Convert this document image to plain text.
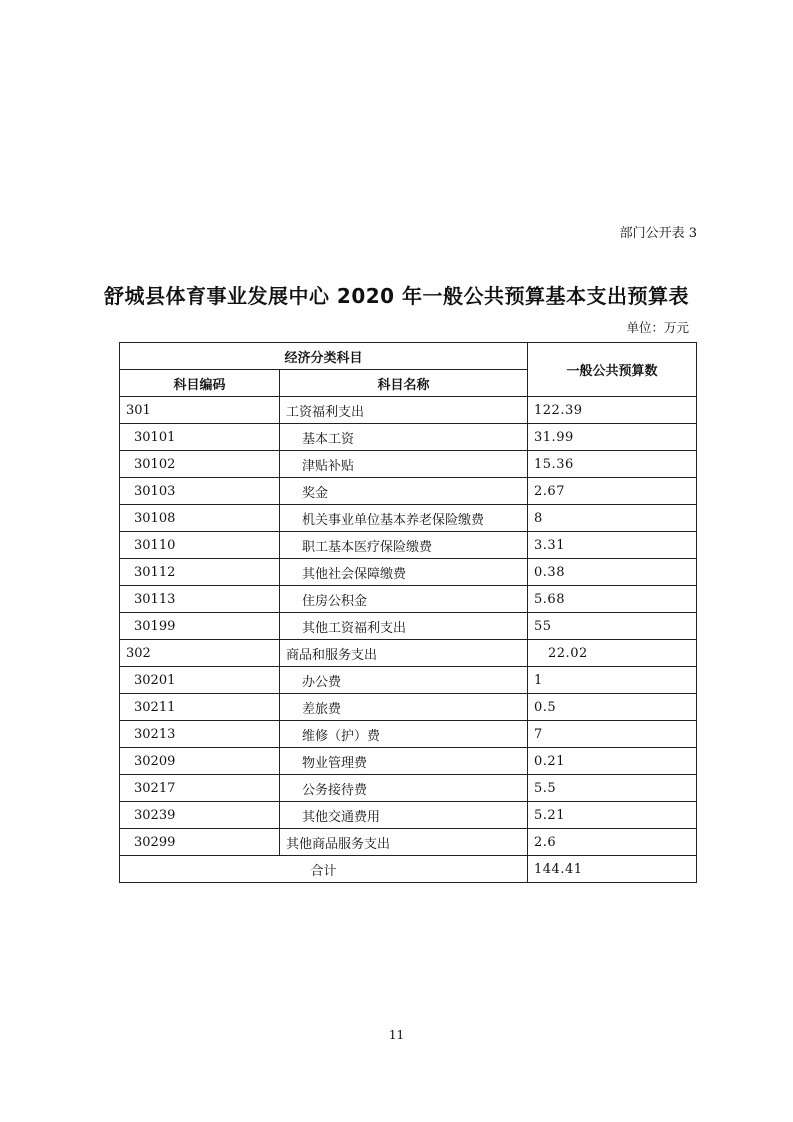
部门公开表 3
舒城县体育事业发展中心 2020 年一般公共预算基本支出预算表
单位：万元
经济分类科目		一般公共预算数
科目编码	科目名称	
301	工资福利支出	122.39
30101	基本工资	31.99
30102	津贴补贴	15.36
30103	奖金	2.67
30108	机关事业单位基本养老保险缴费	8
30110	职工基本医疗保险缴费	3.31
30112	其他社会保障缴费	0.38
30113	住房公积金	5.68
30199	其他工资福利支出	55
302	商品和服务支出	22.02
30201	办公费	1
30211	差旅费	0.5
30213	维修（护）费	7
30209	物业管理费	0.21
30217	公务接待费	5.5
30239	其他交通费用	5.21
30299	其他商品服务支出	2.6
合计		144.41
11
